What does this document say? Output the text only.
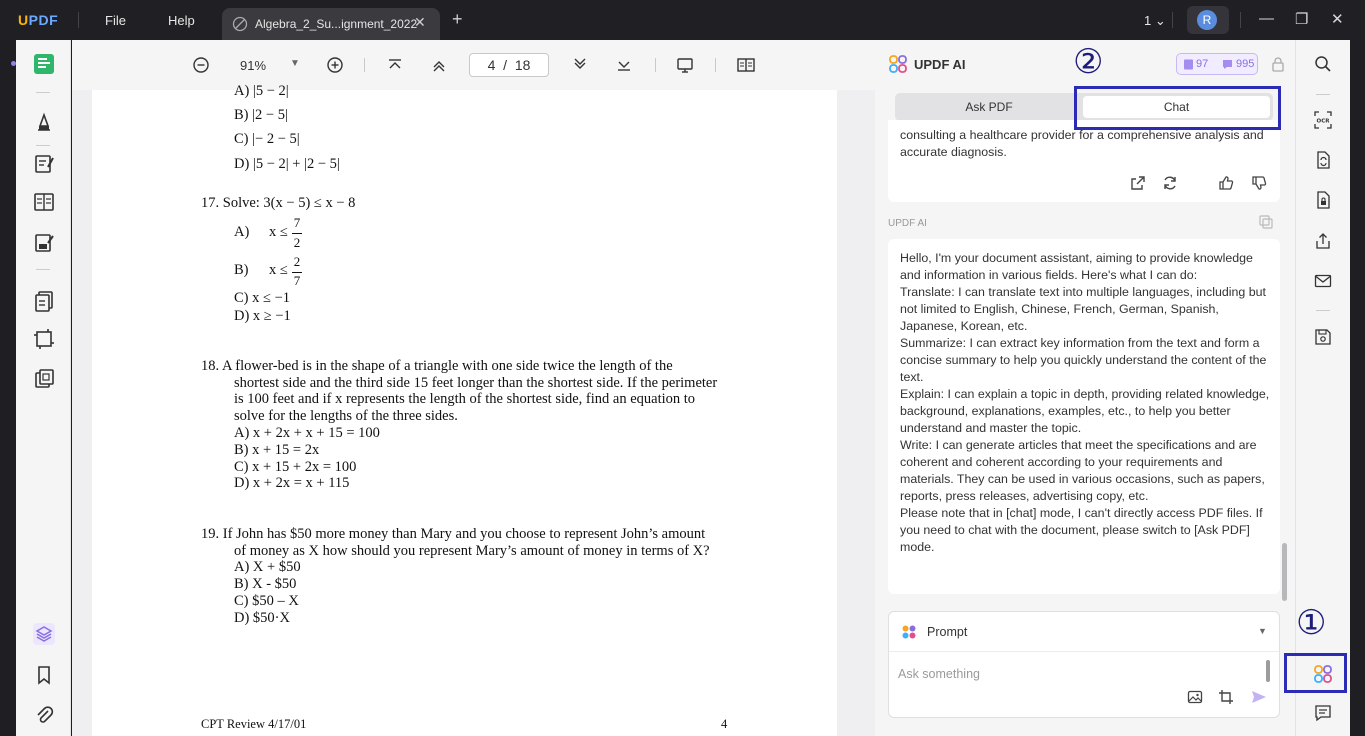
UPDF	File	Help	Algebra_2_Su...ignment_2022
✕ +	1 ⌄	R	— ❐ ✕
91% ▼	4 / 18
A) |5 − 2|
B) |2 − 5|
C) |− 2 − 5|
D) |5 − 2| + |2 − 5|
17. Solve: 3(x − 5) ≤ x − 8
A) x ≤
7
2
B) x ≤
2
7
C) x ≤ −1
D) x ≥ −1
18. A flower-bed is in the shape of a triangle with one side twice the length of the
shortest side and the third side 15 feet longer than the shortest side. If the perimeter
is 100 feet and if x represents the length of the shortest side, find an equation to
solve for the lengths of the three sides.
A) x + 2x + x + 15 = 100
B) x + 15 = 2x
C) x + 15 + 2x = 100
D) x + 2x = x + 115
19. If John has $50 more money than Mary and you choose to represent John’s amount
of money as X how should you represent Mary’s amount of money in terms of X?
A) X + $50
B) X - $50
C) $50 – X
D) $50·X
CPT Review 4/17/01	4
UPDF AI	97	995
Ask PDF	Chat
consulting a healthcare provider for a comprehensive analysis and accurate diagnosis.
UPDF AI

Hello, I'm your document assistant, aiming to provide knowledge and information in various fields. Here's what I can do:

Translate: I can translate text into multiple languages, including but not limited to English, Chinese, French, German, Spanish, Japanese, Korean, etc.

Summarize: I can extract key information from the text and form a concise summary to help you quickly understand the content of the text.

Explain: I can explain a topic in depth, providing related knowledge, background, explanations, examples, etc., to help you better understand and master the topic.

Write: I can generate articles that meet the specifications and are coherent and coherent according to your requirements and materials. They can be used in various occasions, such as papers, reports, press releases, advertising copy, etc.

Please note that in [chat] mode, I can't directly access PDF files. If you need to chat with the document, please switch to [Ask PDF] mode.

Prompt	▼
Ask something
OCR
②
①
